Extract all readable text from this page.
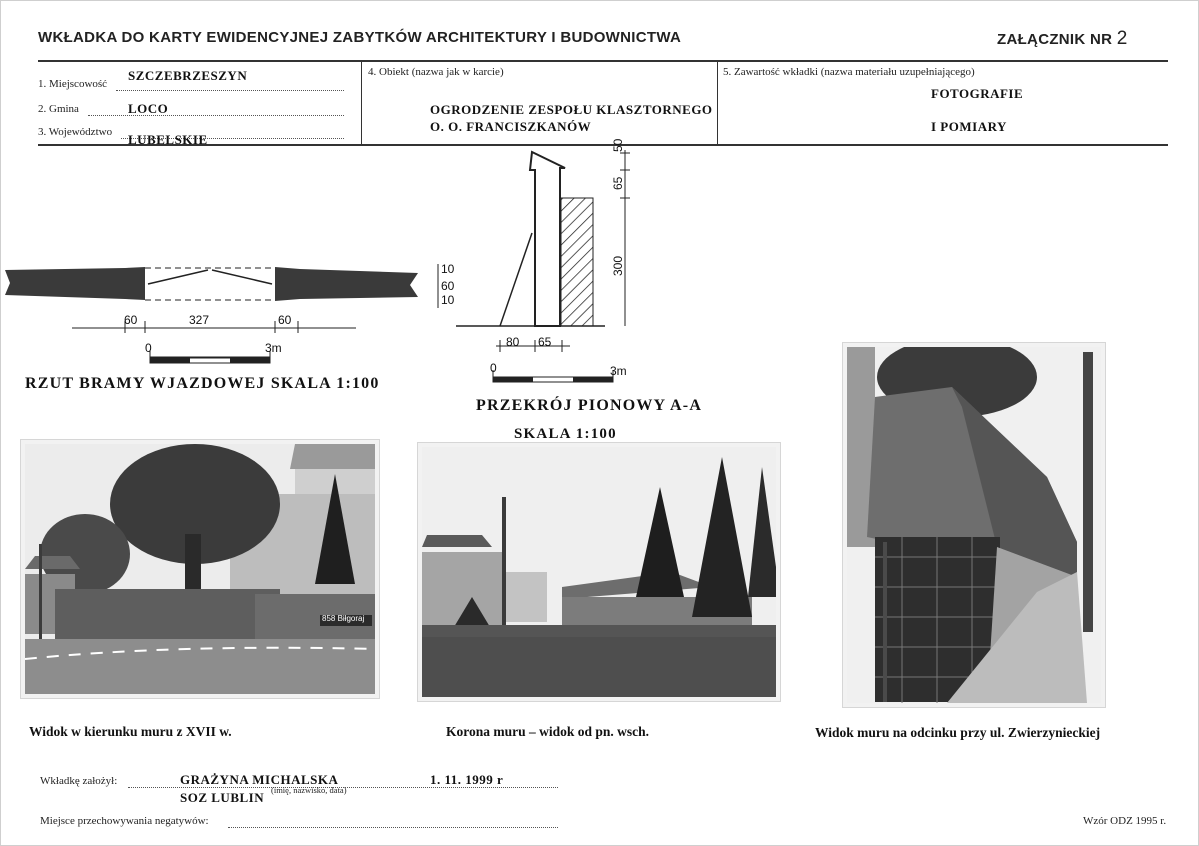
WKŁADKA DO KARTY EWIDENCYJNEJ ZABYTKÓW ARCHITEKTURY I BUDOWNICTWA	ZAŁĄCZNIK NR 2
1. Miejscowość
SZCZEBRZESZYN
2. Gmina	LOCO
3. Województwo LUBELSKIE
4. Obiekt (nazwa jak w karcie)
OGRODZENIE ZESPOŁU KLASZTORNEGO
O. O. FRANCISZKANÓW
5. Zawartość wkładki (nazwa materiału uzupełniającego)
FOTOGRAFIE
I POMIARY
60	327	60
0	3m
RZUT BRAMY WJAZDOWEJ SKALA 1:100
50
65
300
10
60
10
80 65
0	3m
PRZEKRÓJ PIONOWY A-A
SKALA 1:100
858 Biłgoraj
Widok w kierunku muru z XVII w.	Korona muru – widok od pn. wsch.	Widok muru na odcinku przy ul. Zwierzynieckiej
Wkładkę założył:	GRAŻYNA MICHALSKA	1. 11. 1999 r
SOZ LUBLIN (imię, nazwisko, data)
Miejsce przechowywania negatywów:	Wzór ODZ 1995 r.
